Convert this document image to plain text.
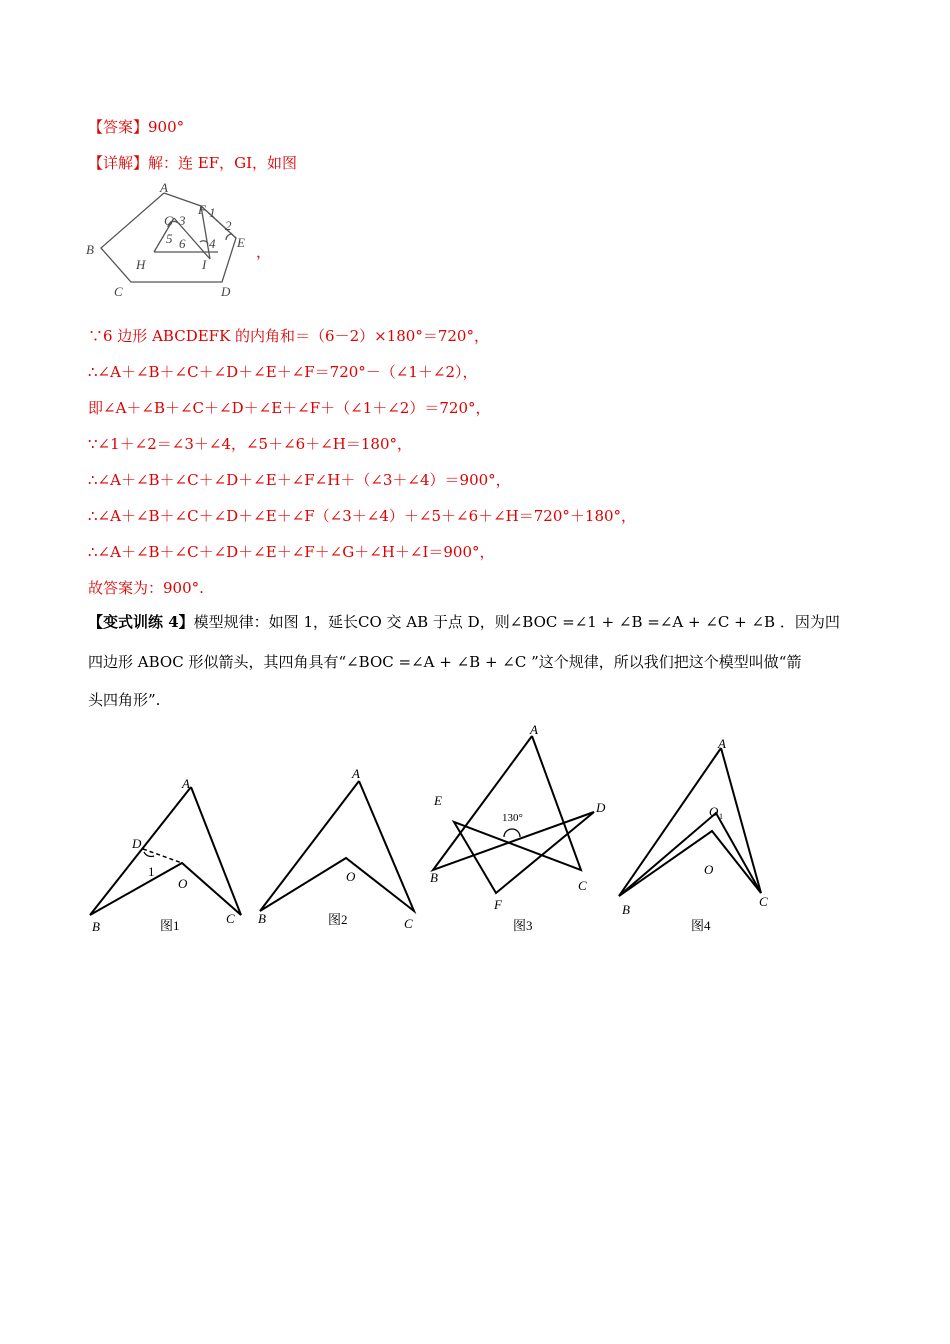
【答案】900°
【详解】解：连 EF，GI，如图
A
F 1
2
G 3
E
5 6 4
B
H	I
C	D
，
∵6 边形 ABCDEFK 的内角和＝（6－2）×180°＝720°，
∴∠A＋∠B＋∠C＋∠D＋∠E＋∠F＝720°－（∠1＋∠2），
即∠A＋∠B＋∠C＋∠D＋∠E＋∠F＋（∠1＋∠2）＝720°，
∵∠1＋∠2＝∠3＋∠4，∠5＋∠6＋∠H＝180°，
∴∠A＋∠B＋∠C＋∠D＋∠E＋∠F∠H＋（∠3＋∠4）＝900°，
∴∠A＋∠B＋∠C＋∠D＋∠E＋∠F（∠3＋∠4）＋∠5＋∠6＋∠H＝720°＋180°，
∴∠A＋∠B＋∠C＋∠D＋∠E＋∠F＋∠G＋∠H＋∠I＝900°，
故答案为：900°.
【变式训练 4】模型规律：如图 1，延长CO 交 AB 于点 D，则∠BOC =∠1 + ∠B =∠A + ∠C + ∠B ．因为凹
四边形 ABOC 形似箭头，其四角具有“∠BOC =∠A + ∠B + ∠C ”这个规律，所以我们把这个模型叫做“箭
头四角形”.
A
D
1
O
B
C
图1
A
O
B	C
图2
A
E	D
130°
B
C
F
图3
A
O 1
O
B
C
图4
